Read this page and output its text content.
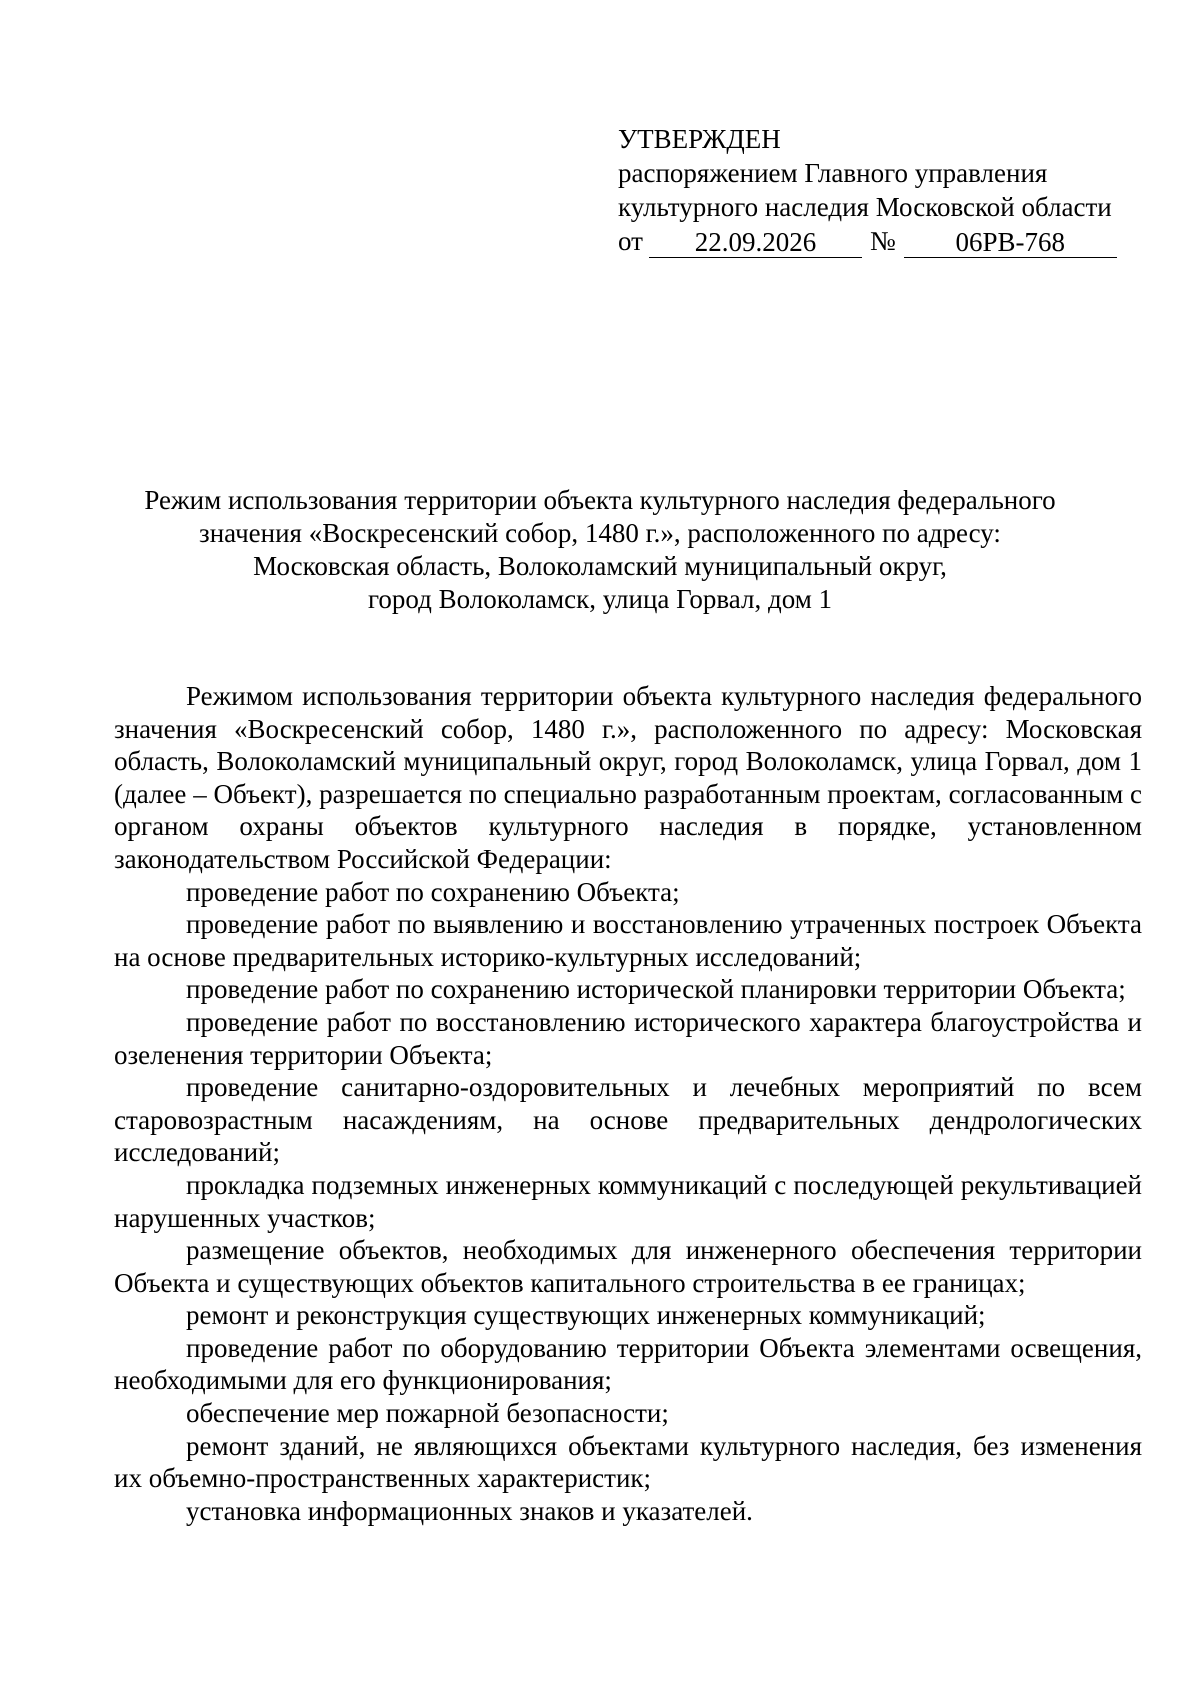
УТВЕРЖДЕН
распоряжением Главного управления
культурного наследия Московской области
от	22.09.2026	№	06РВ-768
Режим использования территории объекта культурного наследия федерального
значения «Воскресенский собор, 1480 г.», расположенного по адресу:
Московская область, Волоколамский муниципальный округ,
город Волоколамск, улица Горвал, дом 1

Режимом использования территории объекта культурного наследия федерального значения «Воскресенский собор, 1480 г.», расположенного по адресу: Московская область, Волоколамский муниципальный округ, город Волоколамск, улица Горвал, дом 1 (далее – Объект), разрешается по специально разработанным проектам, согласованным с органом охраны объектов культурного наследия в порядке, установленном законодательством Российской Федерации:

проведение работ по сохранению Объекта;

проведение работ по выявлению и восстановлению утраченных построек Объекта на основе предварительных историко-культурных исследований;

проведение работ по сохранению исторической планировки территории Объекта;

проведение работ по восстановлению исторического характера благоустройства и озеленения территории Объекта;

проведение санитарно-оздоровительных и лечебных мероприятий по всем старовозрастным насаждениям, на основе предварительных дендрологических исследований;

прокладка подземных инженерных коммуникаций с последующей рекультивацией нарушенных участков;

размещение объектов, необходимых для инженерного обеспечения территории Объекта и существующих объектов капитального строительства в ее границах;

ремонт и реконструкция существующих инженерных коммуникаций;

проведение работ по оборудованию территории Объекта элементами освещения, необходимыми для его функционирования;

обеспечение мер пожарной безопасности;

ремонт зданий, не являющихся объектами культурного наследия, без изменения их объемно-пространственных характеристик;

установка информационных знаков и указателей.
